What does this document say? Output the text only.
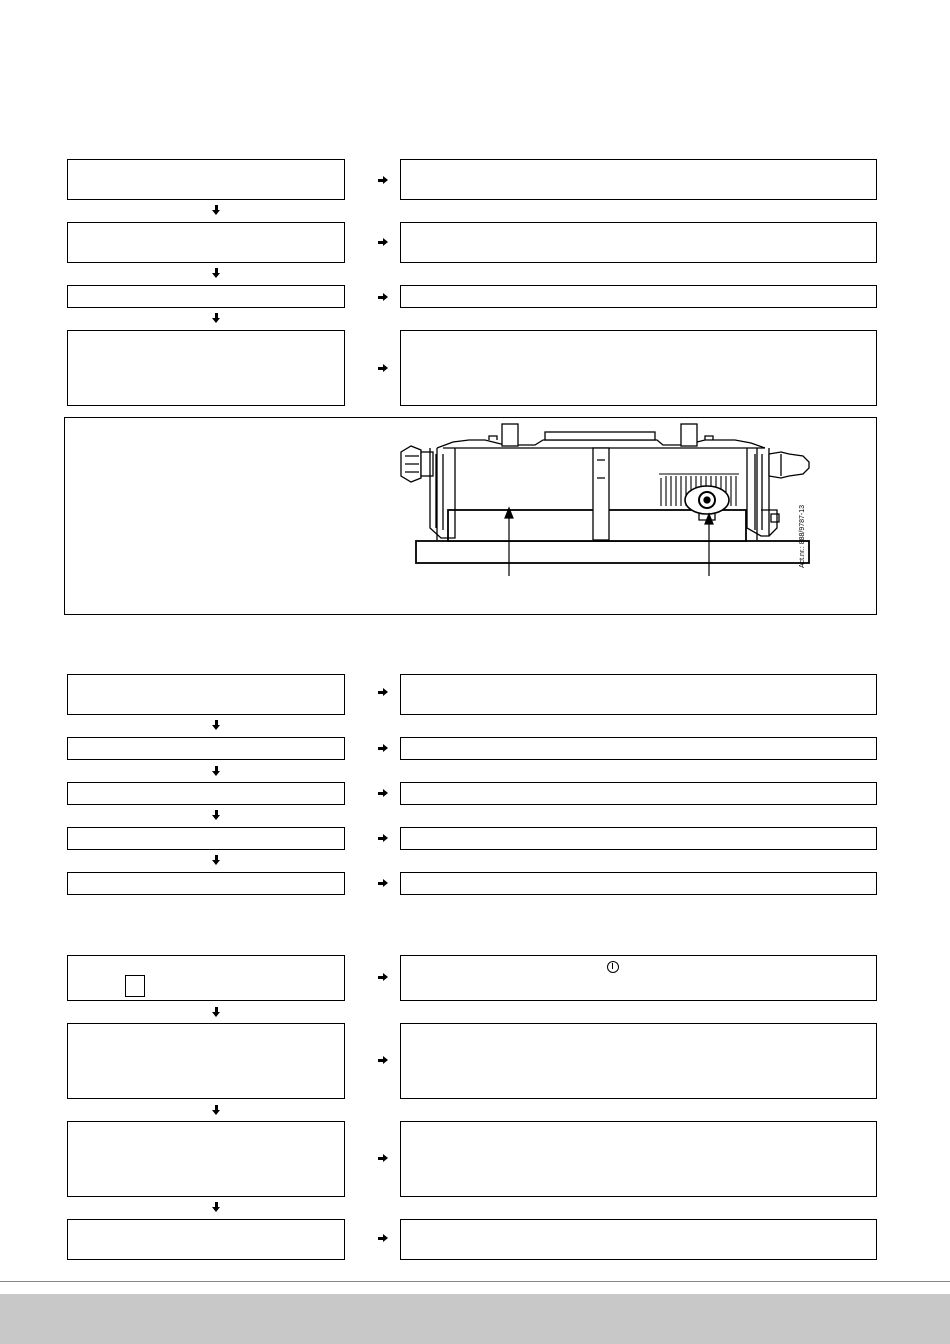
Act.nr.: 888/9787-13
